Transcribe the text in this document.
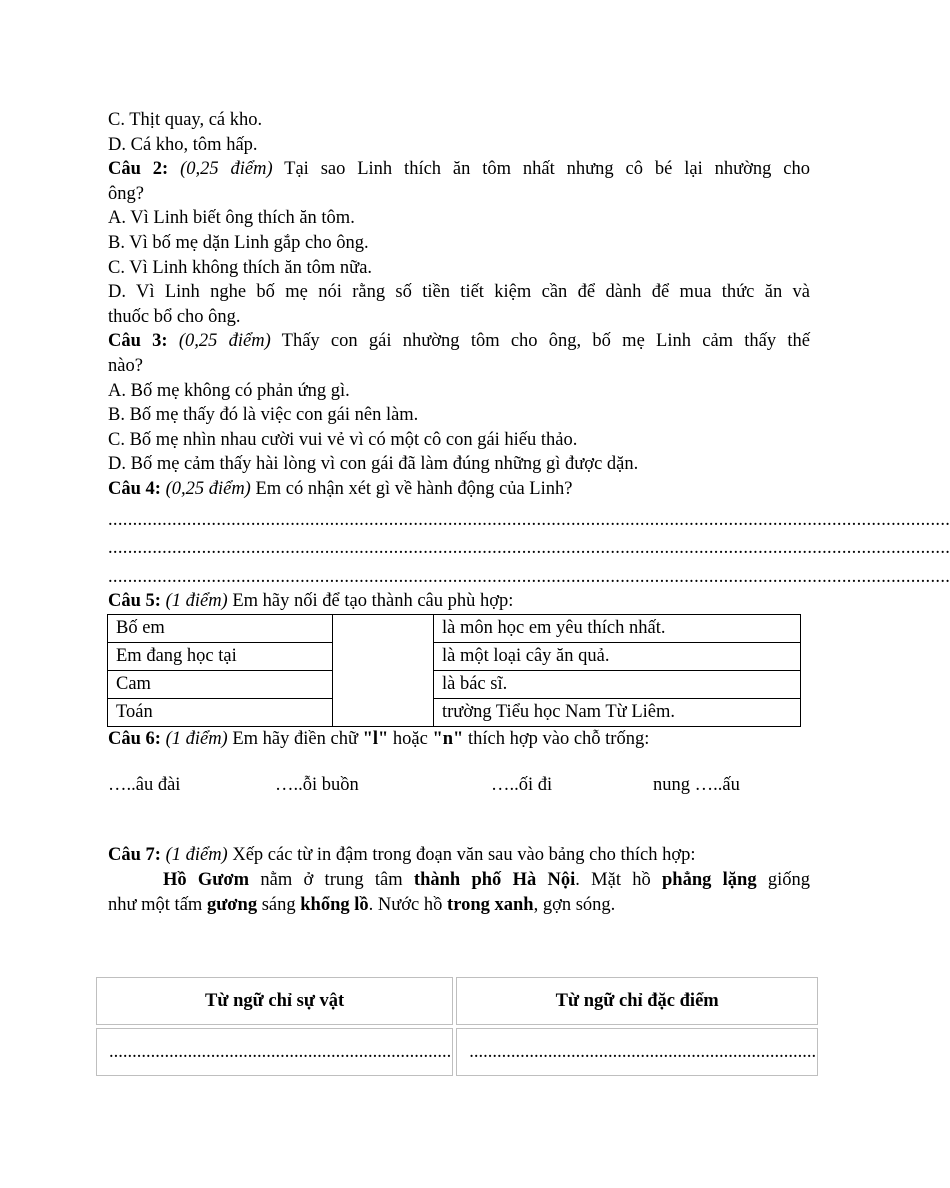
C. Thịt quay, cá kho.
D. Cá kho, tôm hấp.
Câu 2: (0,25 điểm) Tại sao Linh thích ăn tôm nhất nhưng cô bé lại nhường cho
ông?
A. Vì Linh biết ông thích ăn tôm.
B. Vì bố mẹ dặn Linh gắp cho ông.
C. Vì Linh không thích ăn tôm nữa.
D. Vì Linh nghe bố mẹ nói rằng số tiền tiết kiệm cần để dành để mua thức ăn và
thuốc bổ cho ông.
Câu 3: (0,25 điểm) Thấy con gái nhường tôm cho ông, bố mẹ Linh cảm thấy thế
nào?
A. Bố mẹ không có phản ứng gì.
B. Bố mẹ thấy đó là việc con gái nên làm.
C. Bố mẹ nhìn nhau cười vui vẻ vì có một cô con gái hiếu thảo.
D. Bố mẹ cảm thấy hài lòng vì con gái đã làm đúng những gì được dặn.
Câu 4: (0,25 điểm) Em có nhận xét gì về hành động của Linh?
...........................................................................................................................................................................
...........................................................................................................................................................................
...........................................................................................................................................................................
Câu 5: (1 điểm) Em hãy nối để tạo thành câu phù hợp:
Bố em		là môn học em yêu thích nhất.
Em đang học tại		là một loại cây ăn quả.
Cam		là bác sĩ.
Toán		trường Tiểu học Nam Từ Liêm.
Câu 6: (1 điểm) Em hãy điền chữ "l" hoặc "n" thích hợp vào chỗ trống:
…..âu đài	…..ỗi buồn	…..ối đi	nung …..ấu
Câu 7: (1 điểm) Xếp các từ in đậm trong đoạn văn sau vào bảng cho thích hợp:
Hồ Gươm nằm ở trung tâm thành phố Hà Nội. Mặt hồ phẳng lặng giống
như một tấm gương sáng khổng lồ. Nước hồ trong xanh, gợn sóng.
Từ ngữ chỉ sự vật	Từ ngữ chỉ đặc điểm
..........................................................................	...........................................................................
